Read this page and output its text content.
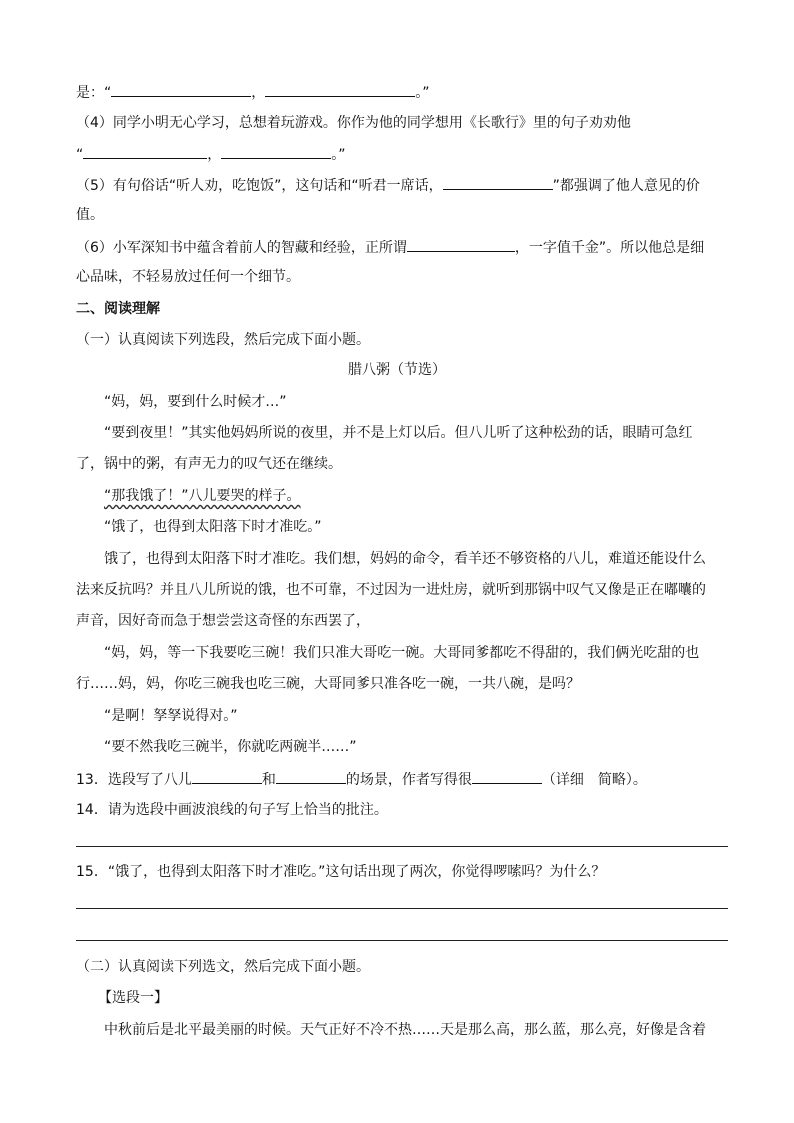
是：“	，	。”
（4）同学小明无心学习，总想着玩游戏。你作为他的同学想用《长歌行》里的句子劝劝他
“	，	。”
（5）有句俗话“听人劝，吃饱饭”，这句话和“听君一席话，	”都强调了他人意见的价
值。
（6）小军深知书中蕴含着前人的智藏和经验，正所谓	，一字值千金”。所以他总是细
心品味，不轻易放过任何一个细节。
二、阅读理解
（一）认真阅读下列选段，然后完成下面小题。
腊八粥（节选）
“妈，妈，要到什么时候才…”
“要到夜里！”其实他妈妈所说的夜里，并不是上灯以后。但八儿听了这种松劲的话，眼睛可急红
了，锅中的粥，有声无力的叹气还在继续。
“那我饿了！”八儿要哭的样子。
“饿了，也得到太阳落下时才准吃。”
饿了，也得到太阳落下时才准吃。我们想，妈妈的命令，看羊还不够资格的八儿，难道还能设什么
法来反抗吗？并且八儿所说的饿，也不可靠，不过因为一进灶房，就听到那锅中叹气又像是正在嘟囔的
声音，因好奇而急于想尝尝这奇怪的东西罢了，
“妈，妈，等一下我要吃三碗！我们只准大哥吃一碗。大哥同爹都吃不得甜的，我们俩光吃甜的也
行……妈，妈，你吃三碗我也吃三碗，大哥同爹只准各吃一碗，一共八碗，是吗？
“是啊！孥孥说得对。”
“要不然我吃三碗半，你就吃两碗半……”
13．选段写了八儿	和	的场景，作者写得很	（详细　简略）。
14．请为选段中画波浪线的句子写上恰当的批注。
15．“饿了，也得到太阳落下时才准吃。”这句话出现了两次，你觉得啰嗦吗？为什么？
（二）认真阅读下列选文，然后完成下面小题。
【选段一】
中秋前后是北平最美丽的时候。天气正好不冷不热……天是那么高，那么蓝，那么亮，好像是含着
